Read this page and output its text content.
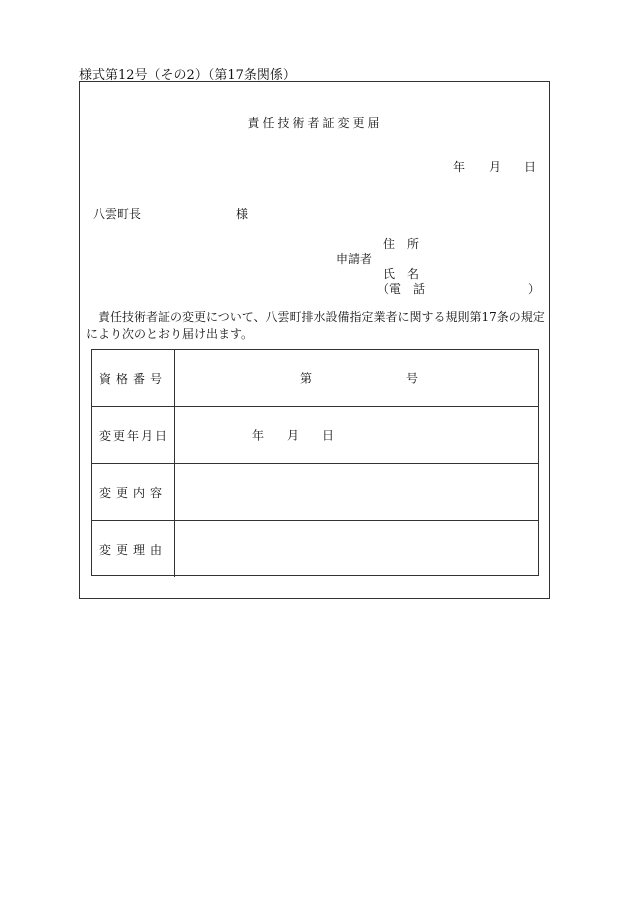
様式第12号（その2）（第17条関係）
責任技術者証変更届
年 月 日
八雲町長	様
住　所
申請者
氏　名
（電　話	）
責任技術者証の変更について、八雲町排水設備指定業者に関する規則第17条の規定により次のとおり届け出ます。
資格番号	第	号
変更年月日	年 月 日
変更内容
変更理由
